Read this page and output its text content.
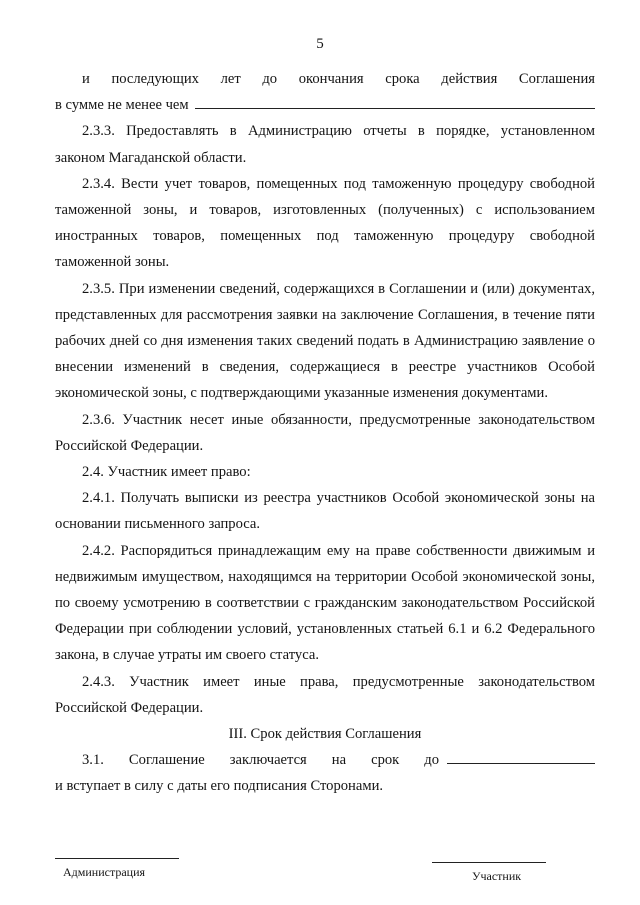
5

и последующих лет до окончания срока действия Соглашения

в сумме не менее чем

2.3.3. Предоставлять в Администрацию отчеты в порядке, установленном законом Магаданской области.

2.3.4. Вести учет товаров, помещенных под таможенную процедуру свободной таможенной зоны, и товаров, изготовленных (полученных) с использованием иностранных товаров, помещенных под таможенную процедуру свободной таможенной зоны.

2.3.5. При изменении сведений, содержащихся в Соглашении и (или) документах, представленных для рассмотрения заявки на заключение Соглашения, в течение пяти рабочих дней со дня изменения таких сведений подать в Администрацию заявление о внесении изменений в сведения, содержащиеся в реестре участников Особой экономической зоны, с подтверждающими указанные изменения документами.

2.3.6. Участник несет иные обязанности, предусмотренные законодательством Российской Федерации.

2.4. Участник имеет право:

2.4.1. Получать выписки из реестра участников Особой экономической зоны на основании письменного запроса.

2.4.2. Распорядиться принадлежащим ему на праве собственности движимым и недвижимым имуществом, находящимся на территории Особой экономической зоны, по своему усмотрению в соответствии с гражданским законодательством Российской Федерации при соблюдении условий, установленных статьей 6.1 и 6.2 Федерального закона, в случае утраты им своего статуса.

2.4.3. Участник имеет иные права, предусмотренные законодательством Российской Федерации.

III. Срок действия Соглашения

3.1. Соглашение заключается на срок до

и вступает в силу с даты его подписания Сторонами.

Администрация	Участник
